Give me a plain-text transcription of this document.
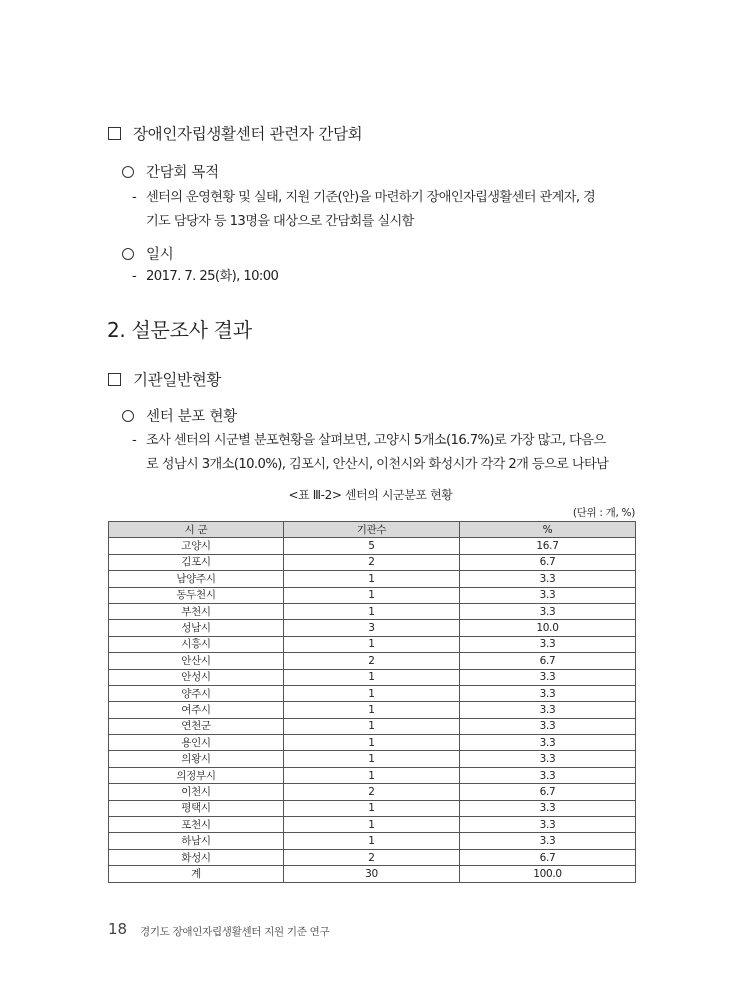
장애인자립생활센터 관련자 간담회
간담회 목적
- 센터의 운영현황 및 실태, 지원 기준(안)을 마련하기 장애인자립생활센터 관계자, 경
기도 담당자 등 13명을 대상으로 간담회를 실시함
일시
- 2017. 7. 25(화), 10:00
2. 설문조사 결과
기관일반현황
센터 분포 현황
- 조사 센터의 시군별 분포현황을 살펴보면, 고양시 5개소(16.7%)로 가장 많고, 다음으
로 성남시 3개소(10.0%), 김포시, 안산시, 이천시와 화성시가 각각 2개 등으로 나타남
<표 Ⅲ-2> 센터의 시군분포 현황
(단위 : 개, %)
시 군	기관수	%
고양시	5	16.7
김포시	2	6.7
남양주시	1	3.3
동두천시	1	3.3
부천시	1	3.3
성남시	3	10.0
시흥시	1	3.3
안산시	2	6.7
안성시	1	3.3
양주시	1	3.3
여주시	1	3.3
연천군	1	3.3
용인시	1	3.3
의왕시	1	3.3
의정부시	1	3.3
이천시	2	6.7
평택시	1	3.3
포천시	1	3.3
하남시	1	3.3
화성시	2	6.7
계	30	100.0
18 경기도 장애인자립생활센터 지원 기준 연구
